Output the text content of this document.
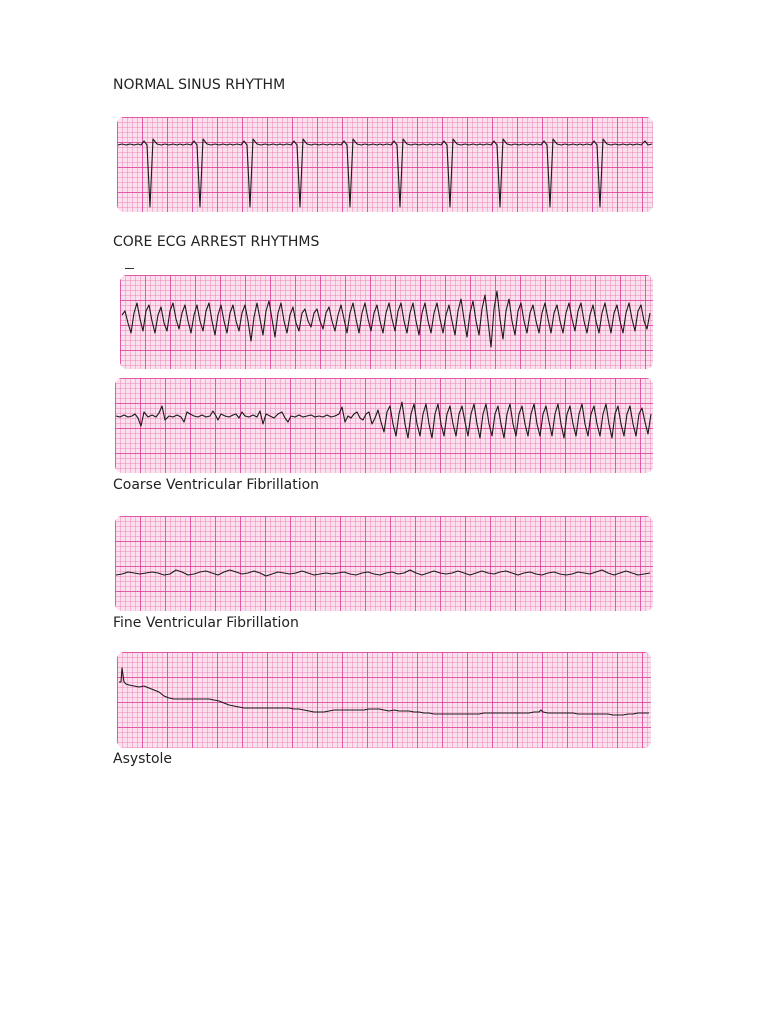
NORMAL SINUS RHYTHM
CORE ECG ARREST RHYTHMS
Coarse Ventricular Fibrillation
Fine Ventricular Fibrillation
Asystole
